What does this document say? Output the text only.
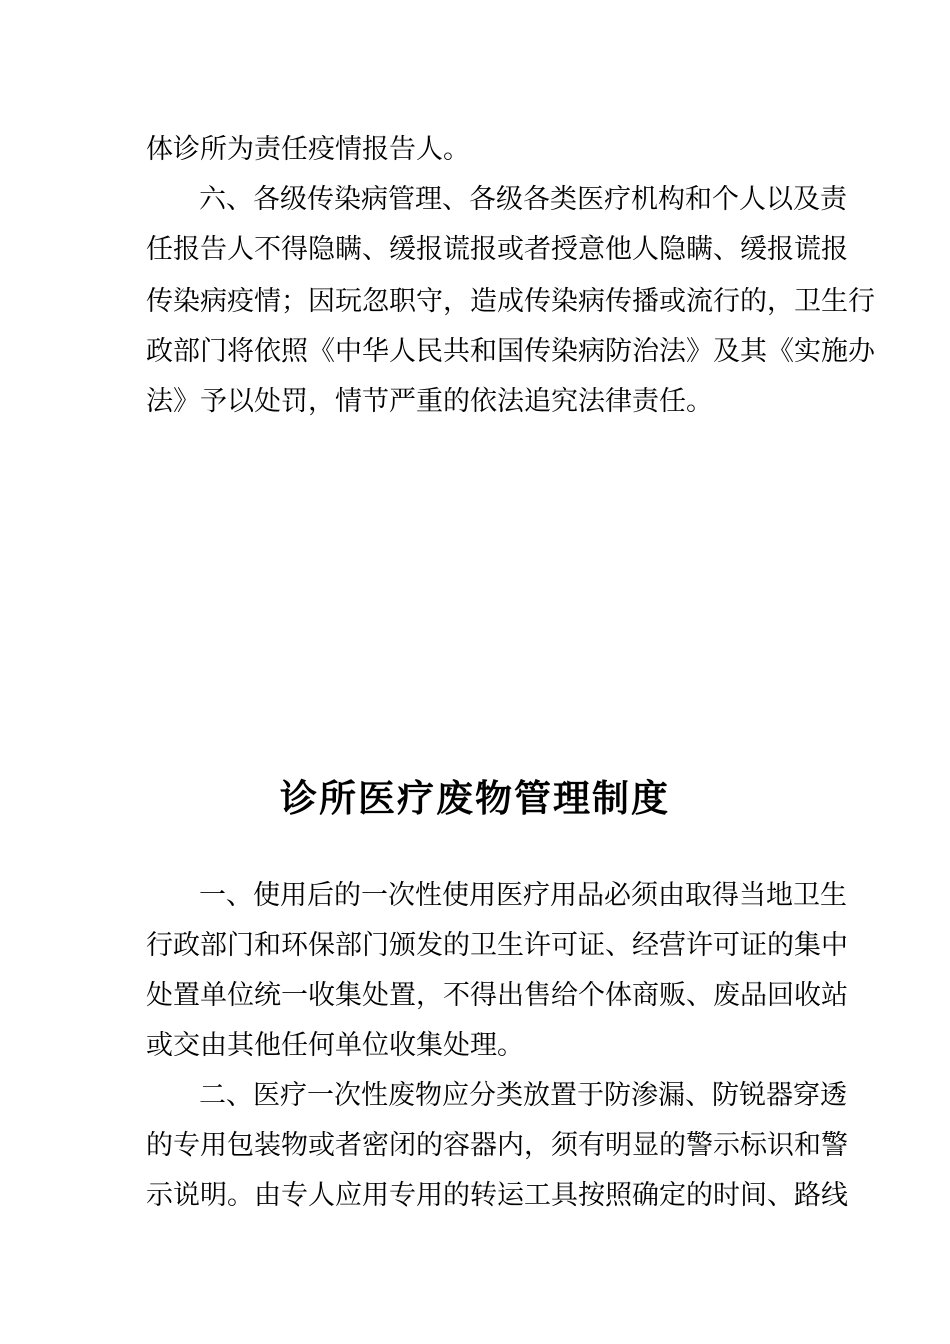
体诊所为责任疫情报告人。
六、各级传染病管理、各级各类医疗机构和个人以及责
任报告人不得隐瞒、缓报谎报或者授意他人隐瞒、缓报谎报
传染病疫情；因玩忽职守，造成传染病传播或流行的，卫生行
政部门将依照《中华人民共和国传染病防治法》及其《实施办
法》予以处罚，情节严重的依法追究法律责任。
诊所医疗废物管理制度
一、使用后的一次性使用医疗用品必须由取得当地卫生
行政部门和环保部门颁发的卫生许可证、经营许可证的集中
处置单位统一收集处置，不得出售给个体商贩、废品回收站
或交由其他任何单位收集处理。
二、医疗一次性废物应分类放置于防渗漏、防锐器穿透
的专用包装物或者密闭的容器内，须有明显的警示标识和警
示说明。由专人应用专用的转运工具按照确定的时间、路线
